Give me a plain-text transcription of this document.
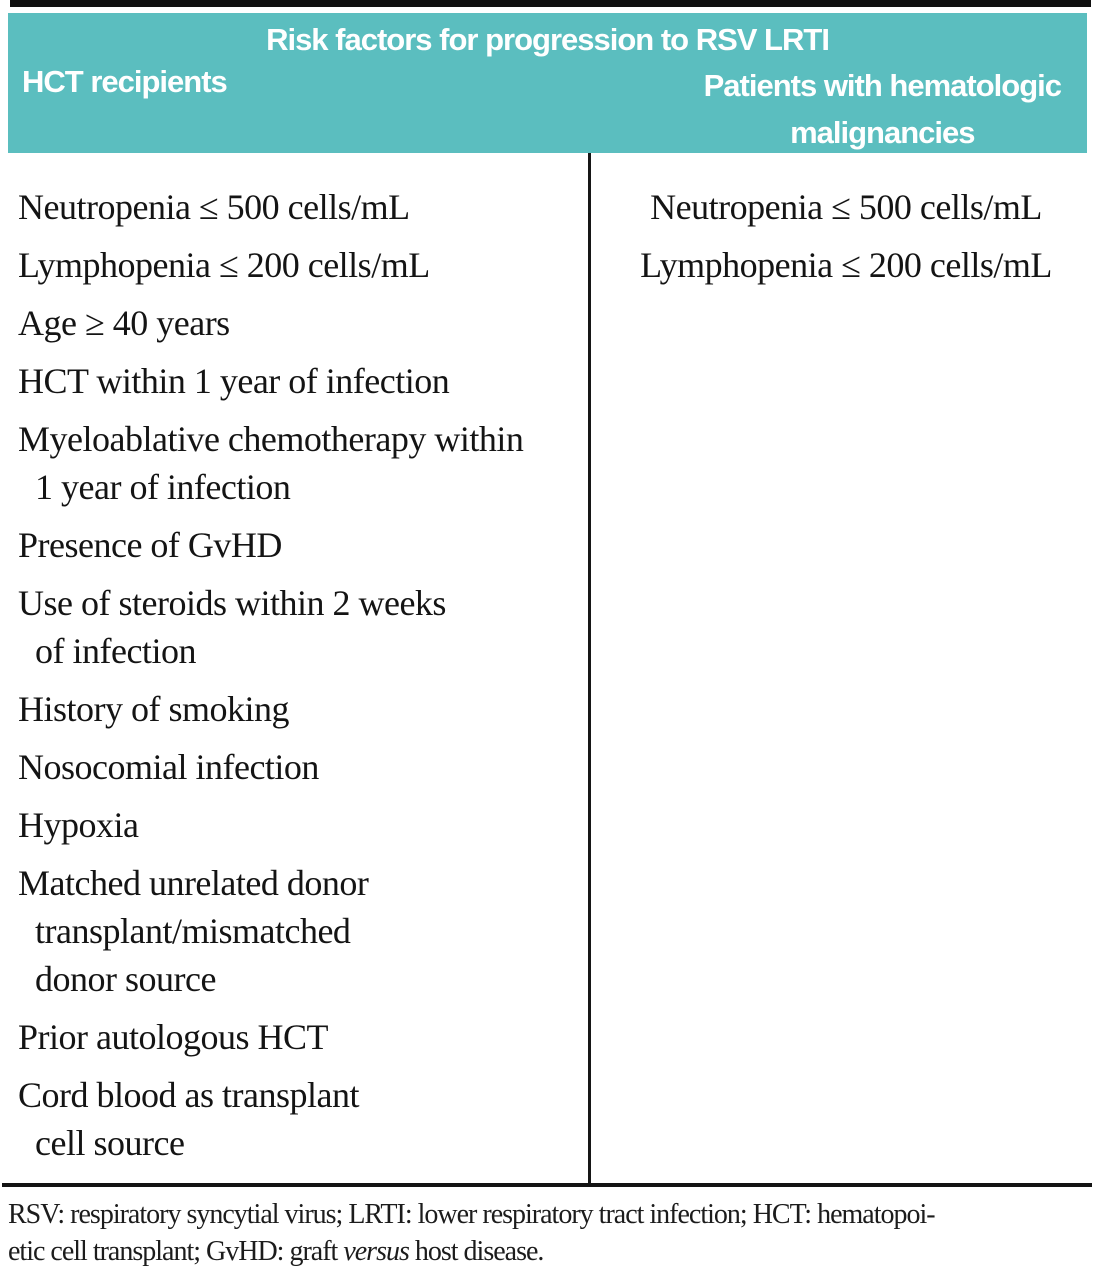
Risk factors for progression to RSV LRTI
HCT recipients	Patients with hematologic
malignancies
Neutropenia ≤ 500 cells/mL
Lymphopenia ≤ 200 cells/mL
Age ≥ 40 years
HCT within 1 year of infection
Myeloablative chemotherapy within
1 year of infection
Presence of GvHD
Use of steroids within 2 weeks
of infection
History of smoking
Nosocomial infection
Hypoxia
Matched unrelated donor
transplant/mismatched
donor source
Prior autologous HCT
Cord blood as transplant
cell source
Neutropenia ≤ 500 cells/mL
Lymphopenia ≤ 200 cells/mL
RSV: respiratory syncytial virus; LRTI: lower respiratory tract infection; HCT: hematopoi-
etic cell transplant; GvHD: graft versus host disease.
